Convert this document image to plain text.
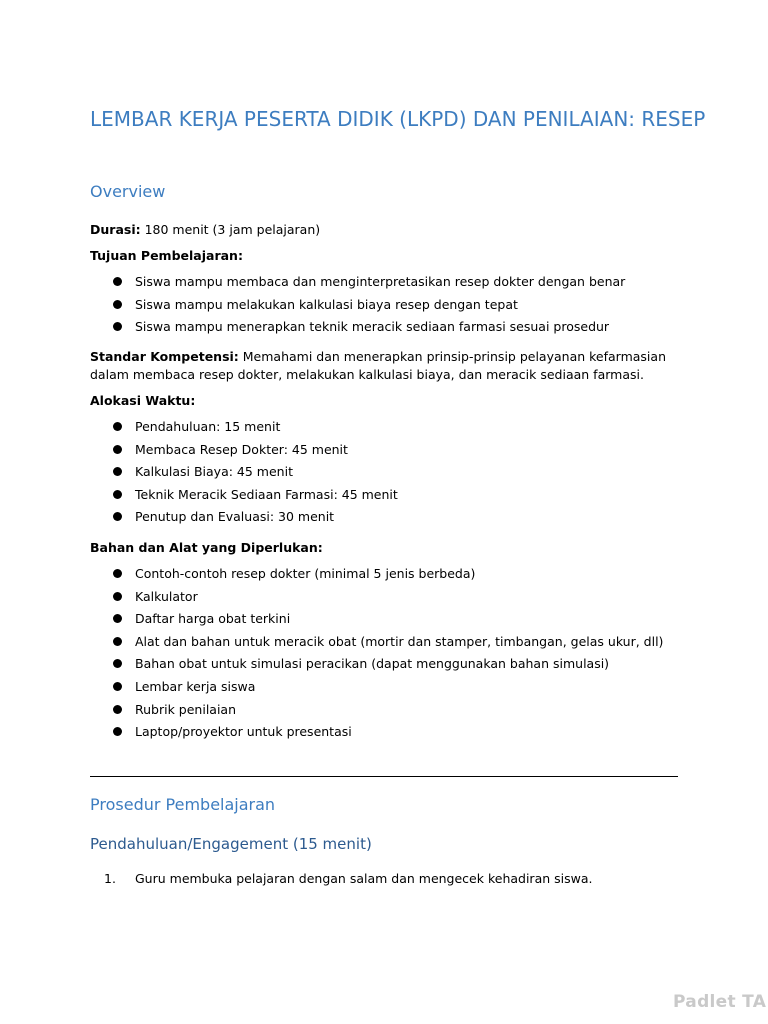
LEMBAR KERJA PESERTA DIDIK (LKPD) DAN PENILAIAN: RESEP
Overview

Durasi: 180 menit (3 jam pelajaran)

Tujuan Pembelajaran:

Siswa mampu membaca dan menginterpretasikan resep dokter dengan benar
Siswa mampu melakukan kalkulasi biaya resep dengan tepat
Siswa mampu menerapkan teknik meracik sediaan farmasi sesuai prosedur

Standar Kompetensi: Memahami dan menerapkan prinsip-prinsip pelayanan kefarmasian dalam membaca resep dokter, melakukan kalkulasi biaya, dan meracik sediaan farmasi.

Alokasi Waktu:

Pendahuluan: 15 menit
Membaca Resep Dokter: 45 menit
Kalkulasi Biaya: 45 menit
Teknik Meracik Sediaan Farmasi: 45 menit
Penutup dan Evaluasi: 30 menit

Bahan dan Alat yang Diperlukan:

Contoh-contoh resep dokter (minimal 5 jenis berbeda)
Kalkulator
Daftar harga obat terkini
Alat dan bahan untuk meracik obat (mortir dan stamper, timbangan, gelas ukur, dll)
Bahan obat untuk simulasi peracikan (dapat menggunakan bahan simulasi)
Lembar kerja siswa
Rubrik penilaian
Laptop/proyektor untuk presentasi
Prosedur Pembelajaran
Pendahuluan/Engagement (15 menit)
1. Guru membuka pelajaran dengan salam dan mengecek kehadiran siswa.
Padlet TA
